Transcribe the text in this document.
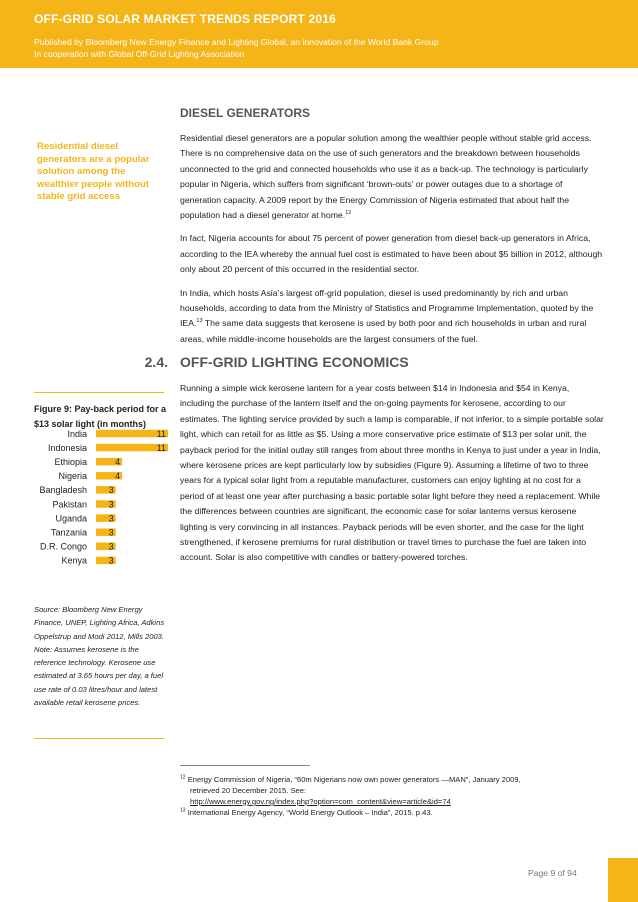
OFF-GRID SOLAR MARKET TRENDS REPORT 2016
Published by Bloomberg New Energy Finance and Lighting Global, an innovation of the World Bank Group
In cooperation with Global Off-Grid Lighting Association
DIESEL GENERATORS
Residential diesel generators are a popular solution among the wealthier people without stable grid access

Residential diesel generators are a popular solution among the wealthier people without stable grid access. There is no comprehensive data on the use of such generators and the breakdown between households unconnected to the grid and connected households who use it as a back-up. The technology is particularly popular in Nigeria, which suffers from significant ‘brown-outs’ or power outages due to a shortage of generation capacity. A 2009 report by the Energy Commission of Nigeria estimated that about half the population had a diesel generator at home.$^{12}$

In fact, Nigeria accounts for about 75 percent of power generation from diesel back-up generators in Africa, according to the IEA whereby the annual fuel cost is estimated to have been about $5 billion in 2012, although only about 20 percent of this occurred in the residential sector.

In India, which hosts Asia’s largest off-grid population, diesel is used predominantly by rich and urban households, according to data from the Ministry of Statistics and Programme Implementation, quoted by the IEA.$^{13}$ The same data suggests that kerosene is used by both poor and rich households in urban and rural areas, while middle-income households are the largest consumers of the fuel.

2.4. OFF-GRID LIGHTING ECONOMICS

Running a simple wick kerosene lantern for a year costs between $14 in Indonesia and $54 in Kenya, including the purchase of the lantern itself and the on-going payments for kerosene, according to our estimates. The lighting service provided by such a lamp is comparable, if not inferior, to a simple portable solar light, which can retail for as little as $5. Using a more conservative price estimate of $13 per solar unit, the payback period for the initial outlay still ranges from about three months in Kenya to just under a year in India, where kerosene prices are kept particularly low by subsidies (Figure 9). Assuming a lifetime of two to three years for a typical solar light from a reputable manufacturer, customers can enjoy lighting at no cost for a period of at least one year after purchasing a basic portable solar light before they need a replacement. While the differences between countries are significant, the economic case for solar lanterns versus kerosene lighting is very convincing in all instances. Payback periods will be even shorter, and the case for the light strengthened, if kerosene premiums for rural distribution or travel times to purchase the fuel are taken into account. Solar is also competitive with candles or battery-powered torches.

Figure 9: Pay-back period for a $13 solar light (in months)
India	11
Indonesia	11
Ethiopia	4
Nigeria	4
Bangladesh 3
Pakistan 3
Uganda 3
Tanzania 3
D.R. Congo 3
Kenya 3
Source: Bloomberg New Energy Finance, UNEP, Lighting Africa, Adkins Oppelstrup and Modi 2012, Mills 2003. Note: Assumes kerosene is the reference technology. Kerosene use estimated at 3.65 hours per day, a fuel use rate of 0.03 litres/hour and latest available retail kerosene prices.
$^{12}$ Energy Commission of Nigeria, “60m Nigerians now own power generators —MAN”, January 2009,
retrieved 20 December 2015. See:
http://www.energy.gov.ng/index.php?option=com_content&view=article&id=74
$^{13}$ International Energy Agency, “World Energy Outlook – India”, 2015. p.43.
Page 9 of 94
